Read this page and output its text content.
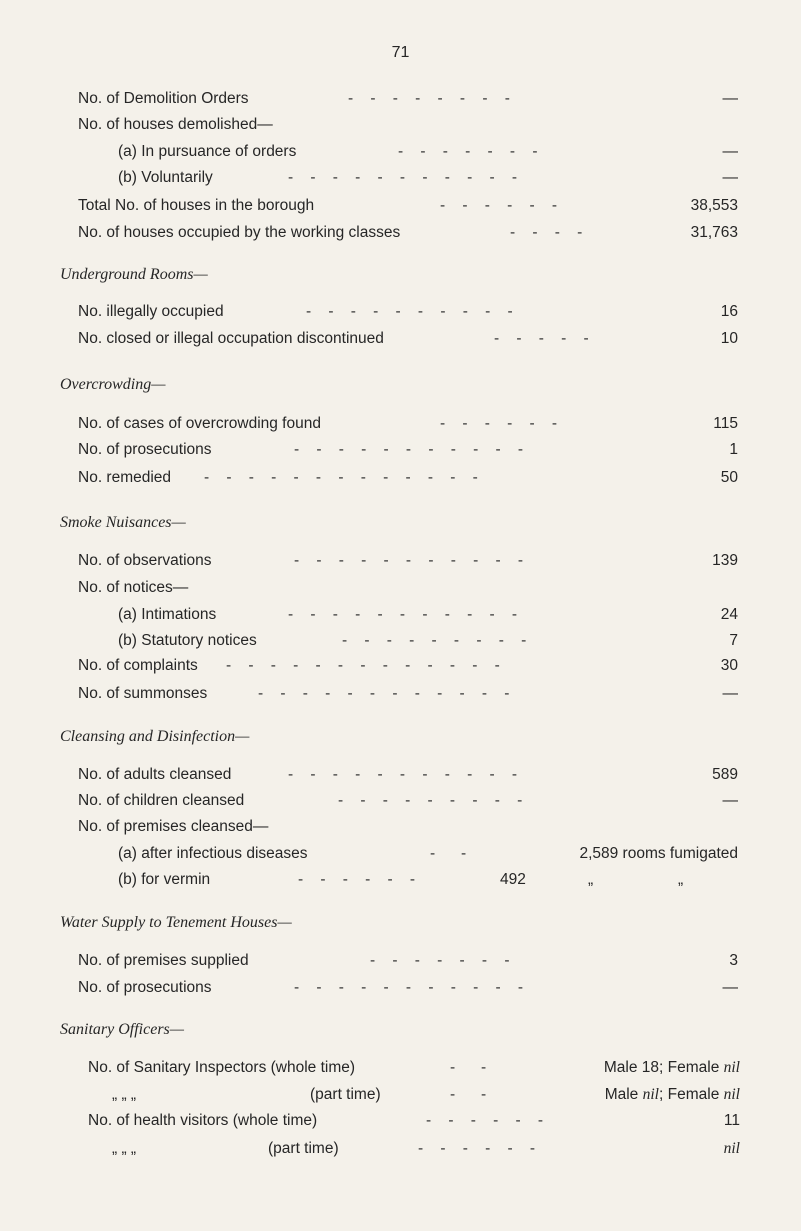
71
No. of Demolition Orders	-    -    -    -    -    -    -    -	—
No. of houses demolished—
(a) In pursuance of orders	-    -    -    -    -    -    -	—
(b) Voluntarily	-    -    -    -    -    -    -    -    -    -    -	—
Total No. of houses in the borough	-    -    -    -    -    -	38,553
No. of houses occupied by the working classes	-    -    -    -	31,763
Underground Rooms—
No. illegally occupied	-    -    -    -    -    -    -    -    -    -	16
No. closed or illegal occupation discontinued	-    -    -    -    -	10
Overcrowding—
No. of cases of overcrowding found	-    -    -    -    -    -	115
No. of prosecutions	-    -    -    -    -    -    -    -    -    -    -	1
No. remedied -    -    -    -    -    -    -    -    -    -    -    -    -	50
Smoke Nuisances—
No. of observations	-    -    -    -    -    -    -    -    -    -    -	139
No. of notices—
(a) Intimations	-    -    -    -    -    -    -    -    -    -    -	24
(b) Statutory notices	-    -    -    -    -    -    -    -    -	7
No. of complaints -    -    -    -    -    -    -    -    -    -    -    -    -	30
No. of summonses	-    -    -    -    -    -    -    -    -    -    -    -	—
Cleansing and Disinfection—
No. of adults cleansed	-    -    -    -    -    -    -    -    -    -    -	589
No. of children cleansed	-    -    -    -    -    -    -    -    -	—
No. of premises cleansed—
(a) after infectious diseases	-      -	2,589 rooms fumigated
(b) for vermin	-    -    -    -    -    -	492	„	„
Water Supply to Tenement Houses—
No. of premises supplied	-    -    -    -    -    -    -	3
No. of prosecutions	-    -    -    -    -    -    -    -    -    -    -	—
Sanitary Officers—
No. of Sanitary Inspectors (whole time)	-      -	Male 18; Female nil
„ „ „	(part time)	-      -	Male nil; Female nil
No. of health visitors (whole time)	-    -    -    -    -    -	11
„ „ „	(part time)	-    -    -    -    -    -	nil
